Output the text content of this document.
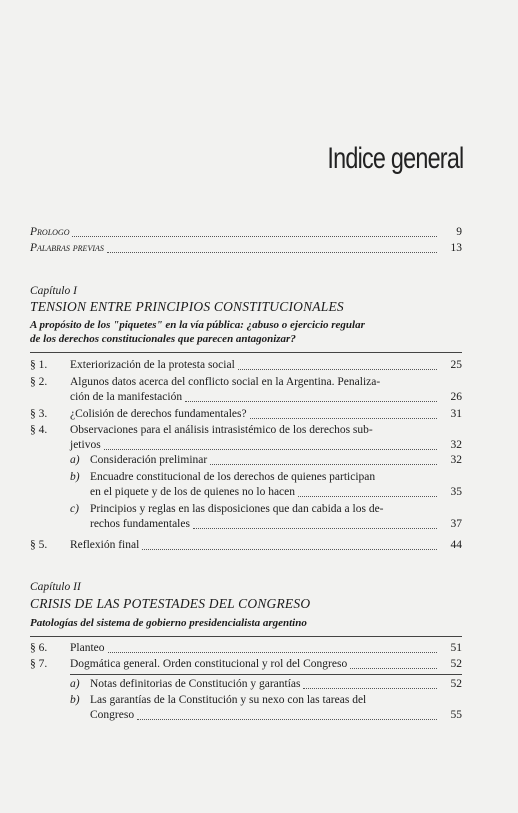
Indice general
Prologo	9
Palabras previas	13
Capítulo I
TENSION ENTRE PRINCIPIOS CONSTITUCIONALES
A propósito de los "piquetes" en la vía pública: ¿abuso o ejercicio regular
de los derechos constitucionales que parecen antagonizar?
§ 1.	Exteriorización de la protesta social	25
§ 2.	Algunos datos acerca del conflicto social en la Argentina. Penaliza-
ción de la manifestación	26
§ 3.	¿Colisión de derechos fundamentales?	31
§ 4.	Observaciones para el análisis intrasistémico de los derechos sub-
jetivos	32
a) Consideración preliminar	32
b) Encuadre constitucional de los derechos de quienes participan
en el piquete y de los de quienes no lo hacen	35
c) Principios y reglas en las disposiciones que dan cabida a los de-
rechos fundamentales	37
§ 5.	Reflexión final	44
Capítulo II
CRISIS DE LAS POTESTADES DEL CONGRESO
Patologías del sistema de gobierno presidencialista argentino
§ 6.	Planteo	51
§ 7.	Dogmática general. Orden constitucional y rol del Congreso	52
a) Notas definitorias de Constitución y garantías	52
b) Las garantías de la Constitución y su nexo con las tareas del
Congreso	55
